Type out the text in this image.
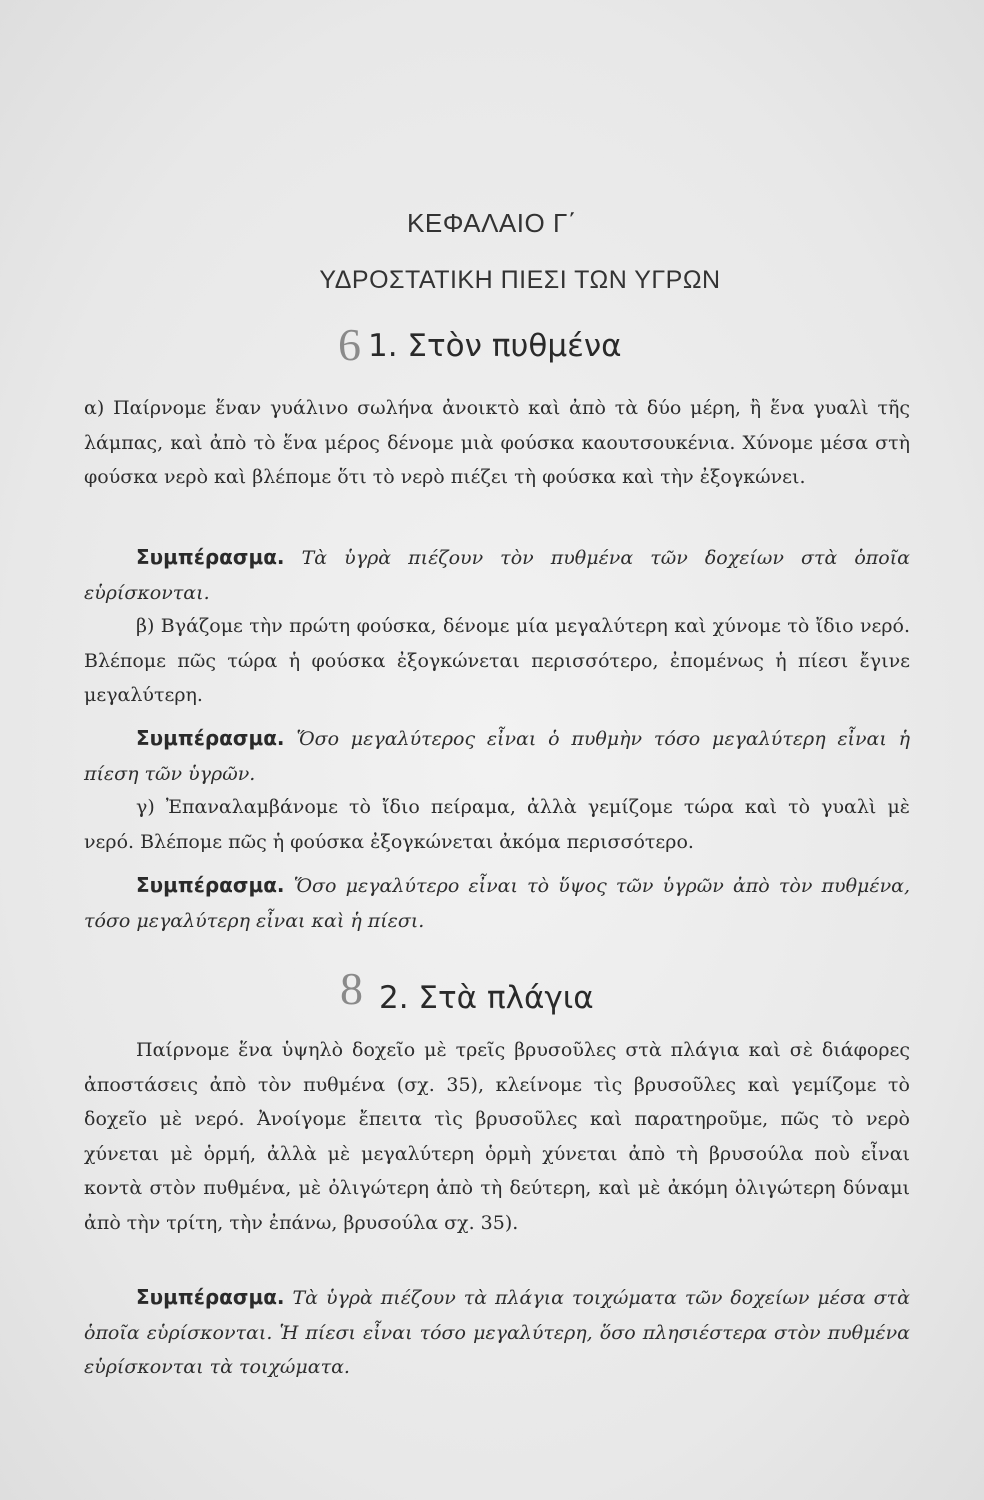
ΚΕΦΑΛΑΙΟ Γ΄
ΥΔΡΟΣΤΑΤΙΚΗ ΠΙΕΣΙ ΤΩΝ ΥΓΡΩΝ
6 1. Στὸν πυθμένα

α) Παίρνομε ἕναν γυάλινο σωλήνα ἀνοικτὸ καὶ ἀπὸ τὰ δύο μέρη, ἢ ἕνα γυαλὶ τῆς λάμπας, καὶ ἀπὸ τὸ ἕνα μέρος δένομε μιὰ φούσκα καουτσουκένια. Χύνομε μέσα στὴ φούσκα νερὸ καὶ βλέπομε ὅτι τὸ νερὸ πιέζει τὴ φούσκα καὶ τὴν ἐξογκώνει.

Συμπέρασμα. Τὰ ὑγρὰ πιέζουν τὸν πυθμένα τῶν δοχείων στὰ ὁποῖα εὑρίσκονται.

β) Βγάζομε τὴν πρώτη φούσκα, δένομε μία μεγαλύτερη καὶ χύνομε τὸ ἴδιο νερό. Βλέπομε πῶς τώρα ἡ φούσκα ἐξογκώνεται περισσότερο, ἐπομένως ἡ πίεσι ἔγινε μεγαλύτερη.

Συμπέρασμα. Ὅσο μεγαλύτερος εἶναι ὁ πυθμὴν τόσο μεγαλύτερη εἶναι ἡ πίεση τῶν ὑγρῶν.

γ) Ἐπαναλαμβάνομε τὸ ἴδιο πείραμα, ἀλλὰ γεμίζομε τώρα καὶ τὸ γυαλὶ μὲ νερό. Βλέπομε πῶς ἡ φούσκα ἐξογκώνεται ἀκόμα περισσότερο.

Συμπέρασμα. Ὅσο μεγαλύτερο εἶναι τὸ ὕψος τῶν ὑγρῶν ἀπὸ τὸν πυθμένα, τόσο μεγαλύτερη εἶναι καὶ ἡ πίεσι.

8 2. Στὰ πλάγια

Παίρνομε ἕνα ὑψηλὸ δοχεῖο μὲ τρεῖς βρυσοῦλες στὰ πλάγια καὶ σὲ διάφορες ἀποστάσεις ἀπὸ τὸν πυθμένα (σχ. 35), κλείνομε τὶς βρυσοῦλες καὶ γεμίζομε τὸ δοχεῖο μὲ νερό. Ἀνοίγομε ἔπειτα τὶς βρυσοῦλες καὶ παρατηροῦμε, πῶς τὸ νερὸ χύνεται μὲ ὁρμή, ἀλλὰ μὲ μεγαλύτερη ὁρμὴ χύνεται ἀπὸ τὴ βρυσούλα ποὺ εἶναι κοντὰ στὸν πυθμένα, μὲ ὀλιγώτερη ἀπὸ τὴ δεύτερη, καὶ μὲ ἀκόμη ὀλιγώτερη δύναμι ἀπὸ τὴν τρίτη, τὴν ἐπάνω, βρυσούλα σχ. 35).

Συμπέρασμα. Τὰ ὑγρὰ πιέζουν τὰ πλάγια τοιχώματα τῶν δοχείων μέσα στὰ ὁποῖα εὑρίσκονται. Ἡ πίεσι εἶναι τόσο μεγαλύτερη, ὅσο πλησιέστερα στὸν πυθμένα εὑρίσκονται τὰ τοιχώματα.
